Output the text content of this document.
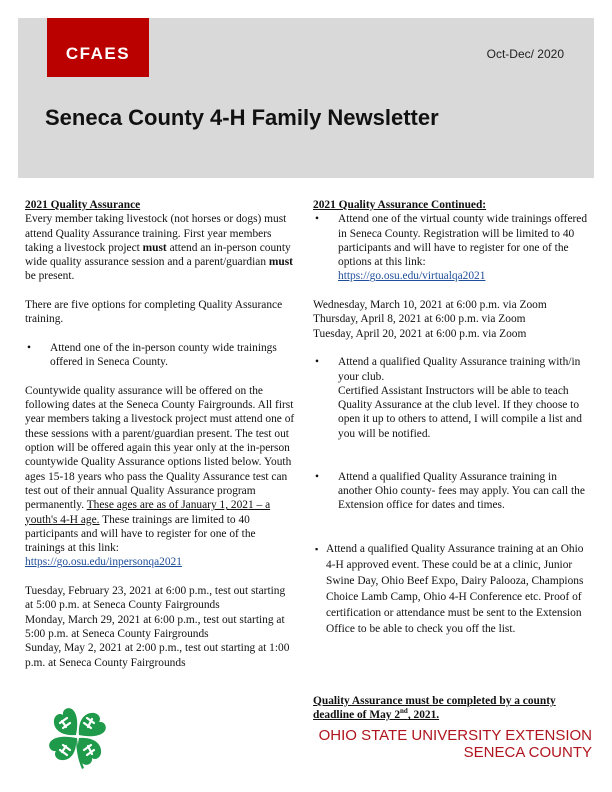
CFAES	Oct-Dec/ 2020
Seneca County 4-H Family Newsletter

2021 Quality Assurance

Every member taking livestock (not horses or dogs) must attend Quality Assurance training. First year members taking a livestock project must attend an in-person county wide quality assurance session and a parent/guardian must be present.

There are five options for completing Quality Assurance training.

•	Attend one of the in-person county wide trainings offered in Seneca County.

Countywide quality assurance will be offered on the following dates at the Seneca County Fairgrounds. All first year members taking a livestock project must attend one of these sessions with a parent/guardian present. The test out option will be offered again this year only at the in-person countywide Quality Assurance options listed below. Youth ages 15-18 years who pass the Quality Assurance test can test out of their annual Quality Assurance program permanently. These ages are as of January 1, 2021 – a youth's 4-H age. These trainings are limited to 40 participants and will have to register for one of the trainings at this link:
https://go.osu.edu/inpersonqa2021

Tuesday, February 23, 2021 at 6:00 p.m., test out starting at 5:00 p.m. at Seneca County Fairgrounds

Monday, March 29, 2021 at 6:00 p.m., test out starting at 5:00 p.m. at Seneca County Fairgrounds

Sunday, May 2, 2021 at 2:00 p.m., test out starting at 1:00 p.m. at Seneca County Fairgrounds

2021 Quality Assurance Continued:

•	Attend one of the virtual county wide trainings offered in Seneca County. Registration will be limited to 40 participants and will have to register for one of the options at this link:
https://go.osu.edu/virtualqa2021

Wednesday, March 10, 2021 at 6:00 p.m. via Zoom

Thursday, April 8, 2021 at 6:00 p.m. via Zoom

Tuesday, April 20, 2021 at 6:00 p.m. via Zoom

•	Attend a qualified Quality Assurance training with/in your club.
Certified Assistant Instructors will be able to teach Quality Assurance at the club level. If they choose to open it up to others to attend, I will compile a list and you will be notified.
•	Attend a qualified Quality Assurance training in another Ohio county- fees may apply. You can call the Extension office for dates and times.
▪ Attend a qualified Quality Assurance training at an Ohio 4-H approved event. These could be at a clinic, Junior Swine Day, Ohio Beef Expo, Dairy Palooza, Champions Choice Lamb Camp, Ohio 4-H Conference etc. Proof of certification or attendance must be sent to the Extension Office to be able to check you off the list.
Quality Assurance must be completed by a county deadline of May 2nd, 2021.
OHIO STATE UNIVERSITY EXTENSION
SENECA COUNTY
